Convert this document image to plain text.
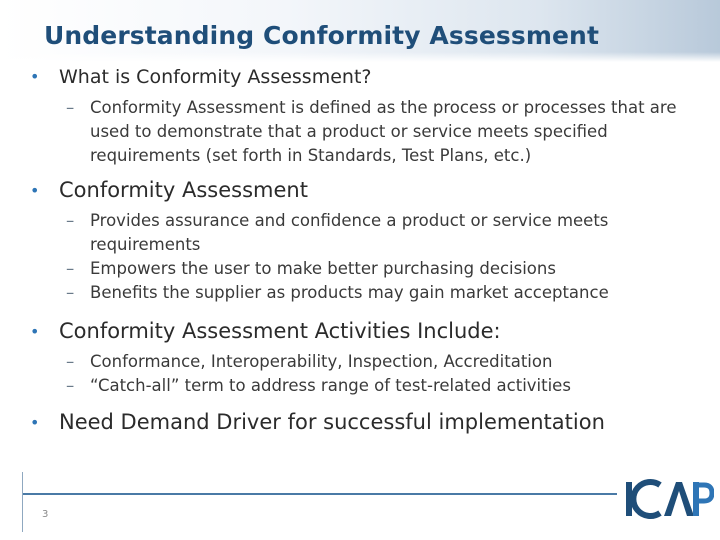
Understanding Conformity Assessment
• What is Conformity Assessment?
– Conformity Assessment is defined as the process or processes that are used to demonstrate that a product or service meets specified requirements (set forth in Standards, Test Plans, etc.)
• Conformity Assessment
– Provides assurance and confidence a product or service meets requirements
– Empowers the user to make better purchasing decisions
– Benefits the supplier as products may gain market acceptance
• Conformity Assessment Activities Include:
– Conformance, Interoperability, Inspection, Accreditation
– “Catch-all” term to address range of test-related activities
• Need Demand Driver for successful implementation
3
